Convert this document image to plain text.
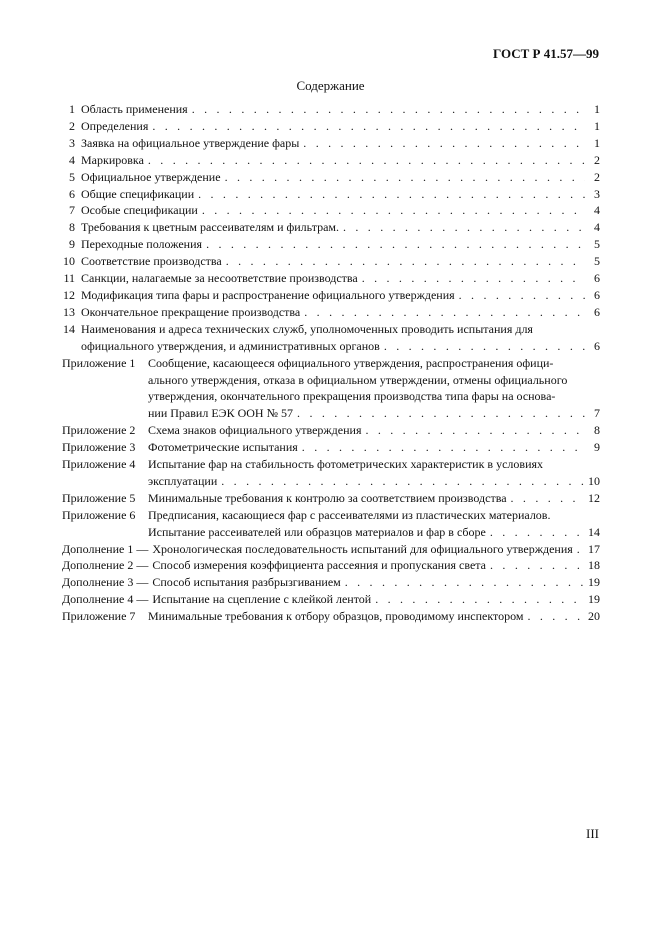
ГОСТ Р 41.57—99
Содержание
1 Область применения . . .	1
2 Определения . . .	1
3 Заявка на официальное утверждение фары . . .	1
4 Маркировка . . .	2
5 Официальное утверждение . . .	2
6 Общие спецификации . . .	3
7 Особые спецификации . . .	4
8 Требования к цветным рассеивателям и фильтрам. . . .	4
9 Переходные положения . . .	5
10 Соответствие производства . . .	5
11 Санкции, налагаемые за несоответствие производства . . .	6
12 Модификация типа фары и распространение официального утверждения . . .	6
13 Окончательное прекращение производства . . .	6
14 Наименования и адреса технических служб, уполномоченных проводить испытания для
официального утверждения, и административных органов . . .	6
Приложение 1	Сообщение, касающееся официального утверждения, распространения офици-
ального утверждения, отказа в официальном утверждении, отмены официального
утверждения, окончательного прекращения производства типа фары на основа-
нии Правил ЕЭК ООН № 57 . . .	7
Приложение 2	Схема знаков официального утверждения . . .	8
Приложение 3	Фотометрические испытания . . .	9
Приложение 4	Испытание фар на стабильность фотометрических характеристик в условиях
эксплуатации . . .	10
Приложение 5	Минимальные требования к контролю за соответствием производства . . .	12
Приложение 6	Предписания, касающиеся фар с рассеивателями из пластических материалов.
Испытание рассеивателей или образцов материалов и фар в сборе . . .	14
Дополнение 1 — Хронологическая последовательность испытаний для официального утверждения . . . 17
Дополнение 2 — Способ измерения коэффициента рассеяния и пропускания света . . .	18
Дополнение 3 — Способ испытания разбрызгиванием . . .	19
Дополнение 4 — Испытание на сцепление с клейкой лентой . . .	19
Приложение 7	Минимальные требования к отбору образцов, проводимому инспектором . . .	20
III
